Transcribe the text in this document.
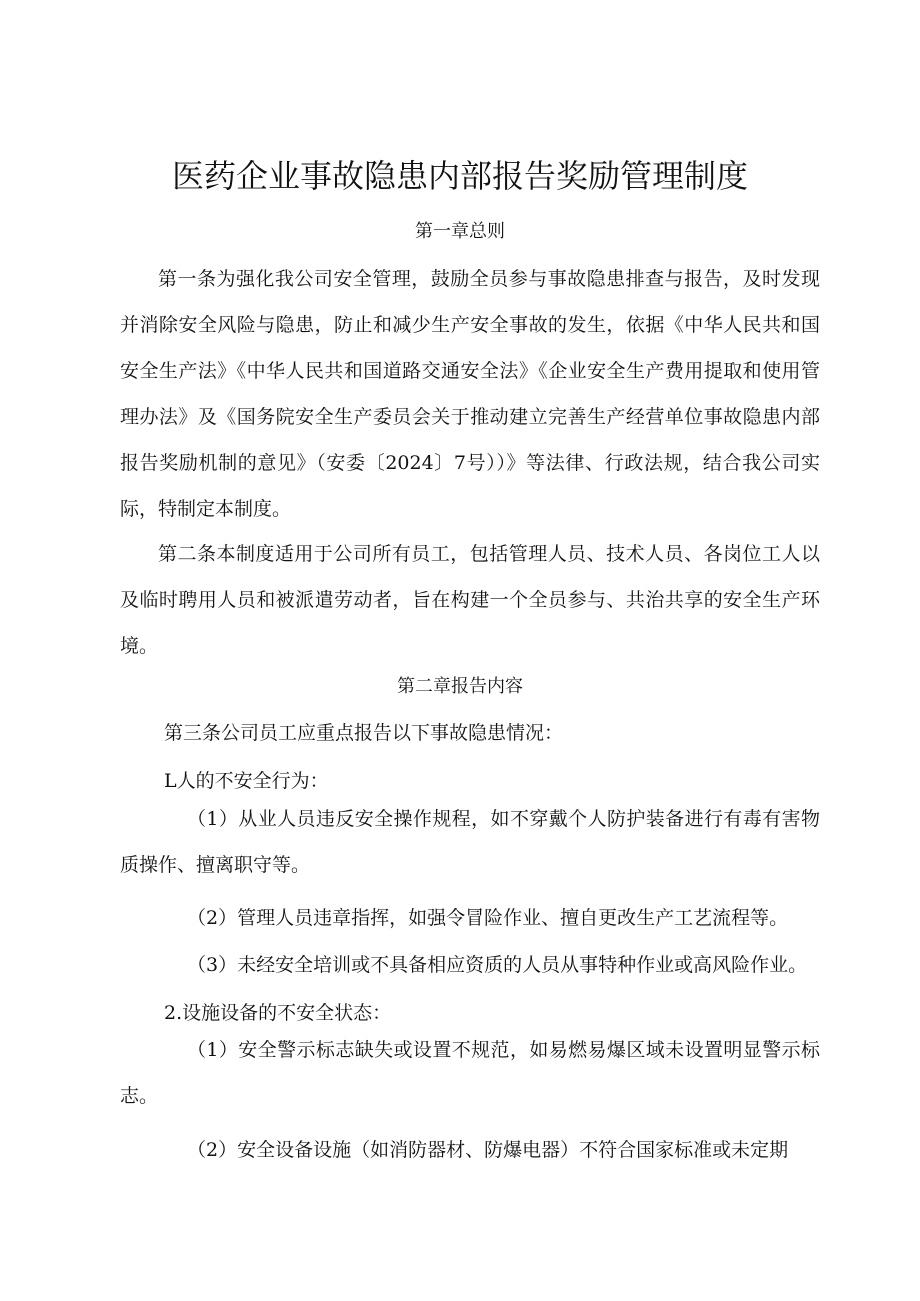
医药企业事故隐患内部报告奖励管理制度

第一章总则

第一条为强化我公司安全管理，鼓励全员参与事故隐患排查与报告，及时发现并消除安全风险与隐患，防止和减少生产安全事故的发生，依据《中华人民共和国安全生产法》《中华人民共和国道路交通安全法》《企业安全生产费用提取和使用管理办法》及《国务院安全生产委员会关于推动建立完善生产经营单位事故隐患内部报告奖励机制的意见》（安委〔2024〕7号））》等法律、行政法规，结合我公司实际，特制定本制度。

第二条本制度适用于公司所有员工，包括管理人员、技术人员、各岗位工人以及临时聘用人员和被派遣劳动者，旨在构建一个全员参与、共治共享的安全生产环境。

第二章报告内容

第三条公司员工应重点报告以下事故隐患情况：

L人的不安全行为：

（1）从业人员违反安全操作规程，如不穿戴个人防护装备进行有毒有害物质操作、擅离职守等。

（2）管理人员违章指挥，如强令冒险作业、擅自更改生产工艺流程等。

（3）未经安全培训或不具备相应资质的人员从事特种作业或高风险作业。

2.设施设备的不安全状态：

（1）安全警示标志缺失或设置不规范，如易燃易爆区域未设置明显警示标志。

（2）安全设备设施（如消防器材、防爆电器）不符合国家标准或未定期
